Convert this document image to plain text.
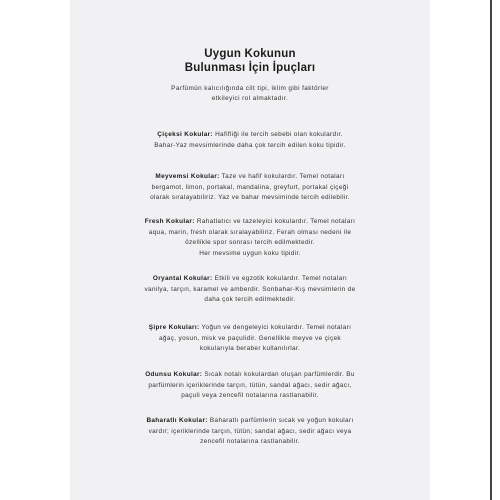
Uygun Kokunun
Bulunması İçin İpuçları
Parfümün kalıcılığında cilt tipi, iklim gibi faktörler
etkileyici rol almaktadır.
Çiçeksi Kokular: Hafifliği ile tercih sebebi olan kokulardır.
Bahar-Yaz mevsimlerinde daha çok tercih edilen koku tipidir.
Meyvemsi Kokular: Taze ve hafif kokulardır. Temel notaları
bergamot, limon, portakal, mandalina, greyfurt, portakal çiçeği
olarak sıralayabiliriz. Yaz ve bahar mevsiminde tercih edilebilir.
Fresh Kokular: Rahatlatıcı ve tazeleyici kokulardır. Temel notaları
aqua, marin, fresh olarak sıralayabiliriz. Ferah olması nedeni ile
özellikle spor sonrası tercih edilmektedir.
Her mevsime uygun koku tipidir.
Oryantal Kokular: Etkili ve egzotik kokulardır. Temel notaları
vanilya, tarçın, karamel ve amberdir. Sonbahar-Kış mevsimlerin de
daha çok tercih edilmektedir.
Şipre Kokuları: Yoğun ve dengeleyici kokulardır. Temel notaları
ağaç, yosun, misk ve paçulidir. Genellikle meyve ve çiçek
kokularıyla beraber kullanılırlar.
Odunsu Kokular: Sıcak notalı kokulardan oluşan parfümlerdir. Bu
parfümlerin içeriklerinde tarçın, tütün, sandal ağacı, sedir ağacı,
paçuli veya zencefil notalarına rastlanabilir.
Baharatlı Kokular: Baharatlı parfümlerin sıcak ve yoğun kokuları
vardır; içeriklerinde tarçın, tütün; sandal ağacı, sedir ağacı veya
zencefil notalarına rastlanabilir.
